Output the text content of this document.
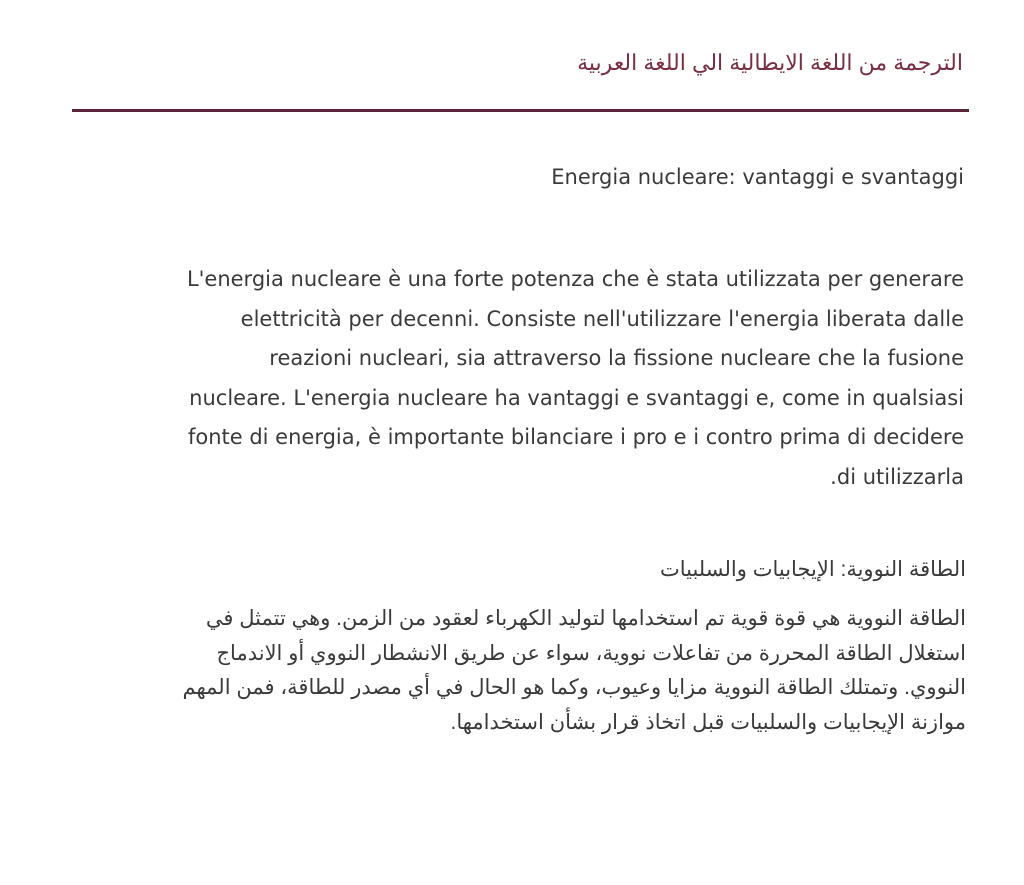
الترجمة من اللغة الايطالية الي اللغة العربية
Energia nucleare: vantaggi e svantaggi

L'energia nucleare è una forte potenza che è stata utilizzata per generare
elettricità per decenni. Consiste nell'utilizzare l'energia liberata dalle
reazioni nucleari, sia attraverso la fissione nucleare che la fusione
nucleare. L'energia nucleare ha vantaggi e svantaggi e, come in qualsiasi
fonte di energia, è importante bilanciare i pro e i contro prima di decidere
di utilizzarla.

الطاقة النووية: الإيجابيات والسلبيات

الطاقة النووية هي قوة قوية تم استخدامها لتوليد الكهرباء لعقود من الزمن. وهي تتمثل في
استغلال الطاقة المحررة من تفاعلات نووية، سواء عن طريق الانشطار النووي أو الاندماج
النووي. وتمتلك الطاقة النووية مزايا وعيوب، وكما هو الحال في أي مصدر للطاقة، فمن المهم
موازنة الإيجابيات والسلبيات قبل اتخاذ قرار بشأن استخدامها.
